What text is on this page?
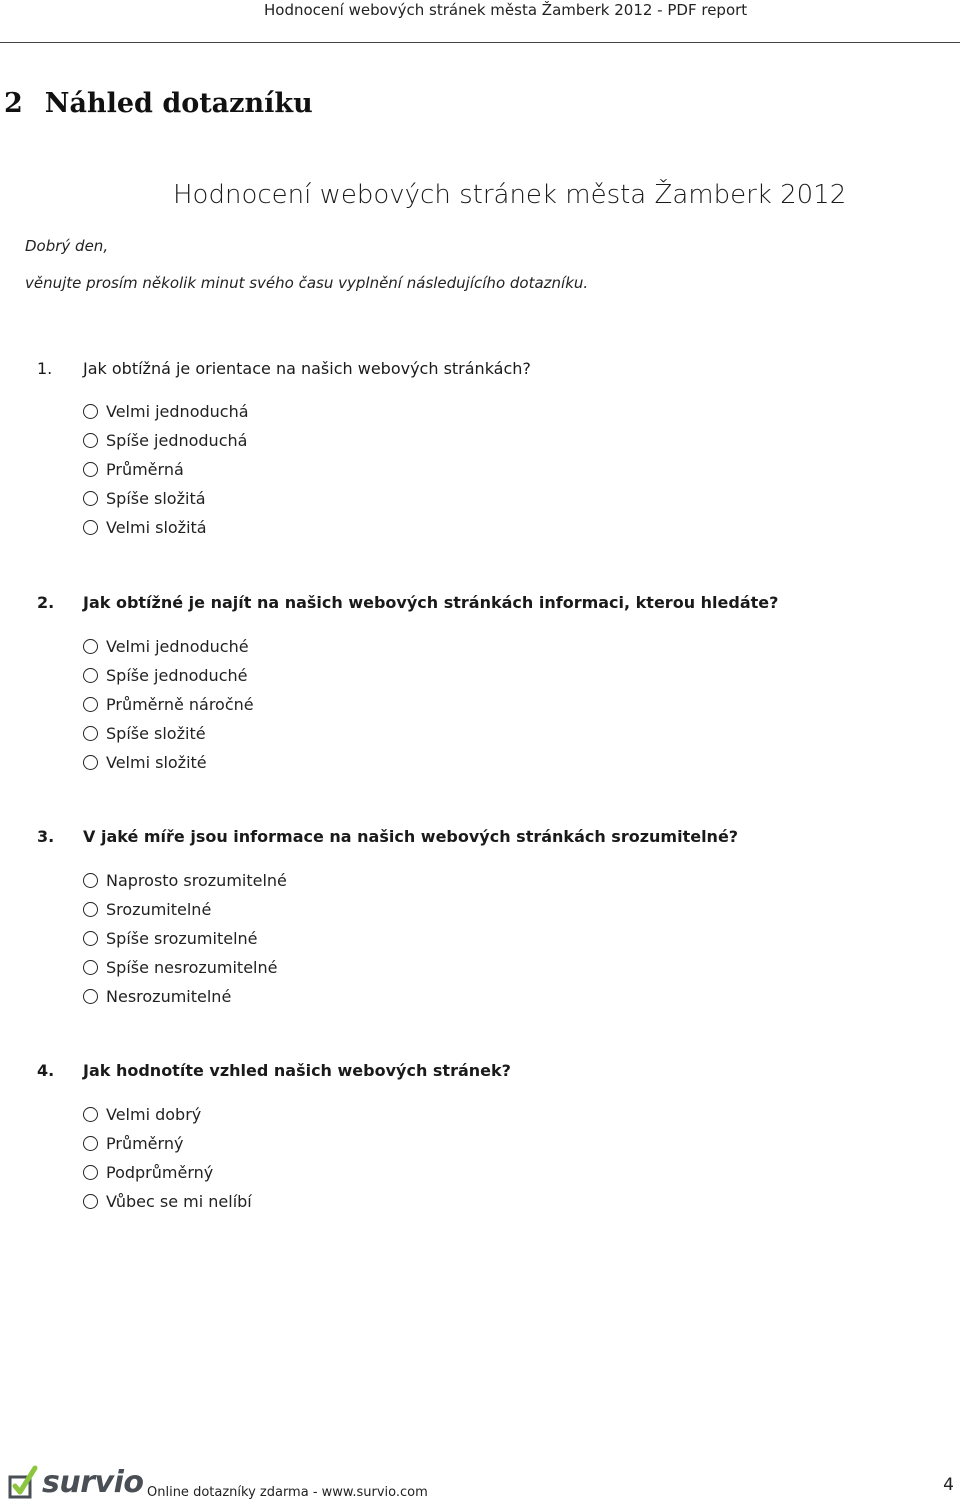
Hodnocení webových stránek města Žamberk 2012 - PDF report
2 Náhled dotazníku
Hodnocení webových stránek města Žamberk 2012
Dobrý den,
věnujte prosím několik minut svého času vyplnění následujícího dotazníku.
1. Jak obtížná je orientace na našich webových stránkách?
Velmi jednoduchá
Spíše jednoduchá
Průměrná
Spíše složitá
Velmi složitá
2. Jak obtížné je najít na našich webových stránkách informaci, kterou hledáte?
Velmi jednoduché
Spíše jednoduché
Průměrně náročné
Spíše složité
Velmi složité
3. V jaké míře jsou informace na našich webových stránkách srozumitelné?
Naprosto srozumitelné
Srozumitelné
Spíše srozumitelné
Spíše nesrozumitelné
Nesrozumitelné
4. Jak hodnotíte vzhled našich webových stránek?
Velmi dobrý
Průměrný
Podprůměrný
Vůbec se mi nelíbí
survio Online dotazníky zdarma - www.survio.com	4
